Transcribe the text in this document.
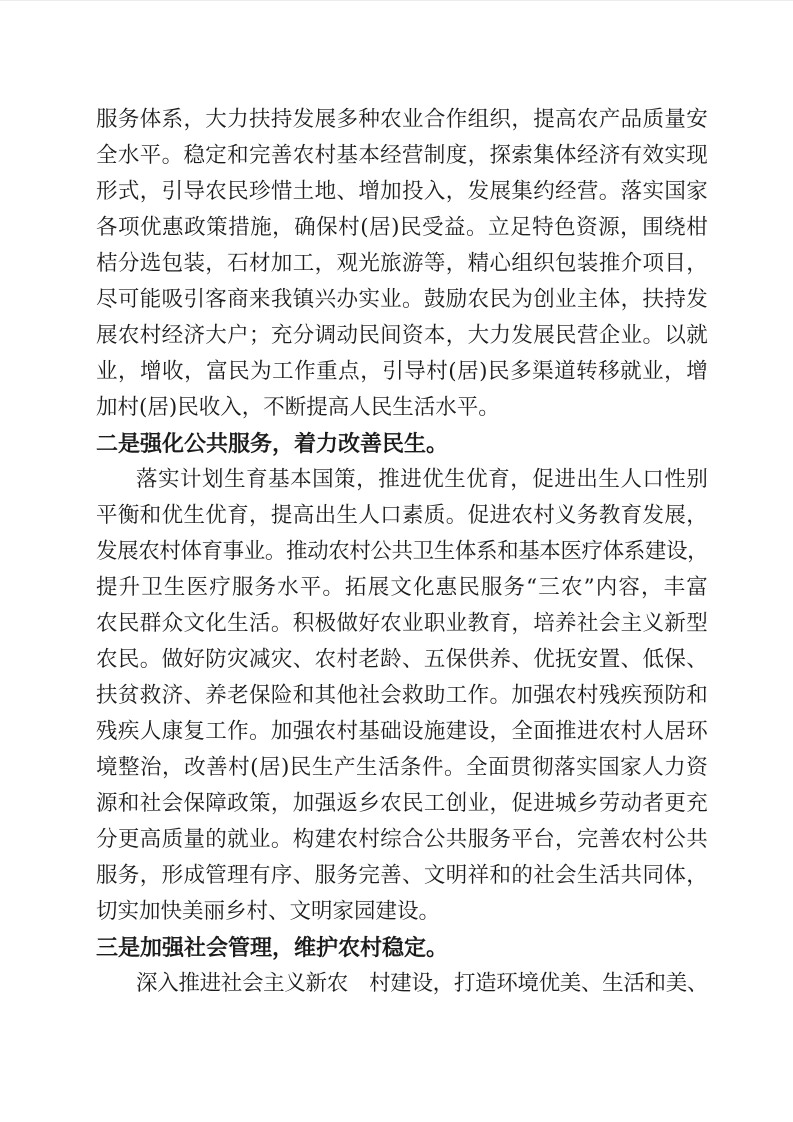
服 务 体 系 ， 大 力 扶 持 发 展 多 种 农 业 合 作 组 织 ， 提 高 农 产 品 质 量 安
全 水 平 。 稳 定 和 完 善 农 村 基 本 经 营 制 度 ， 探 索 集 体 经 济 有 效 实 现
形 式 ， 引 导 农 民 珍 惜 土 地 、 增 加 投 入 ， 发 展 集 约 经 营 。 落 实 国 家
各 项 优 惠 政 策 措 施 ， 确 保 村 ( 居 ) 民 受 益 。 立 足 特 色 资 源 ， 围 绕 柑
桔 分 选 包 装 ， 石 材 加 工 ， 观 光 旅 游 等 ， 精 心 组 织 包 装 推 介 项 目 ，
尽 可 能 吸 引 客 商 来 我 镇 兴 办 实 业 。 鼓 励 农 民 为 创 业 主 体 ， 扶 持 发
展 农 村 经 济 大 户 ； 充 分 调 动 民 间 资 本 ， 大 力 发 展 民 营 企 业 。 以 就
业 ， 增 收 ， 富 民 为 工 作 重 点 ， 引 导 村 ( 居 ) 民 多 渠 道 转 移 就 业 ， 增
加村(居)民收入，不断提高人民生活水平。
二是强化公共服务，着力改善民生。
落 实 计 划 生 育 基 本 国 策 ， 推 进 优 生 优 育 ， 促 进 出 生 人 口 性 别
平 衡 和 优 生 优 育 ， 提 高 出 生 人 口 素 质 。 促 进 农 村 义 务 教 育 发 展 ，
发 展 农 村 体 育 事 业 。 推 动 农 村 公 共 卫 生 体 系 和 基 本 医 疗 体 系 建 设 ，
提 升 卫 生 医 疗 服 务 水 平 。 拓 展 文 化 惠 民 服 务 “ 三 农 ” 内 容 ， 丰 富
农 民 群 众 文 化 生 活 。 积 极 做 好 农 业 职 业 教 育 ， 培 养 社 会 主 义 新 型
农 民 。 做 好 防 灾 减 灾 、 农 村 老 龄 、 五 保 供 养 、 优 抚 安 置 、 低 保 、
扶 贫 救 济 、 养 老 保 险 和 其 他 社 会 救 助 工 作 。 加 强 农 村 残 疾 预 防 和
残 疾 人 康 复 工 作 。 加 强 农 村 基 础 设 施 建 设 ， 全 面 推 进 农 村 人 居 环
境 整 治 ， 改 善 村 ( 居 ) 民 生 产 生 活 条 件 。 全 面 贯 彻 落 实 国 家 人 力 资
源 和 社 会 保 障 政 策 ， 加 强 返 乡 农 民 工 创 业 ， 促 进 城 乡 劳 动 者 更 充
分 更 高 质 量 的 就 业 。 构 建 农 村 综 合 公 共 服 务 平 台 ， 完 善 农 村 公 共
服 务 ， 形 成 管 理 有 序 、 服 务 完 善 、 文 明 祥 和 的 社 会 生 活 共 同 体 ，
切实加快美丽乡村、文明家园建设。
三是加强社会管理，维护农村稳定。
深 入 推 进 社 会 主 义 新 农
　 村 建 设 ， 打 造 环 境 优 美 、 生 活 和 美 、
